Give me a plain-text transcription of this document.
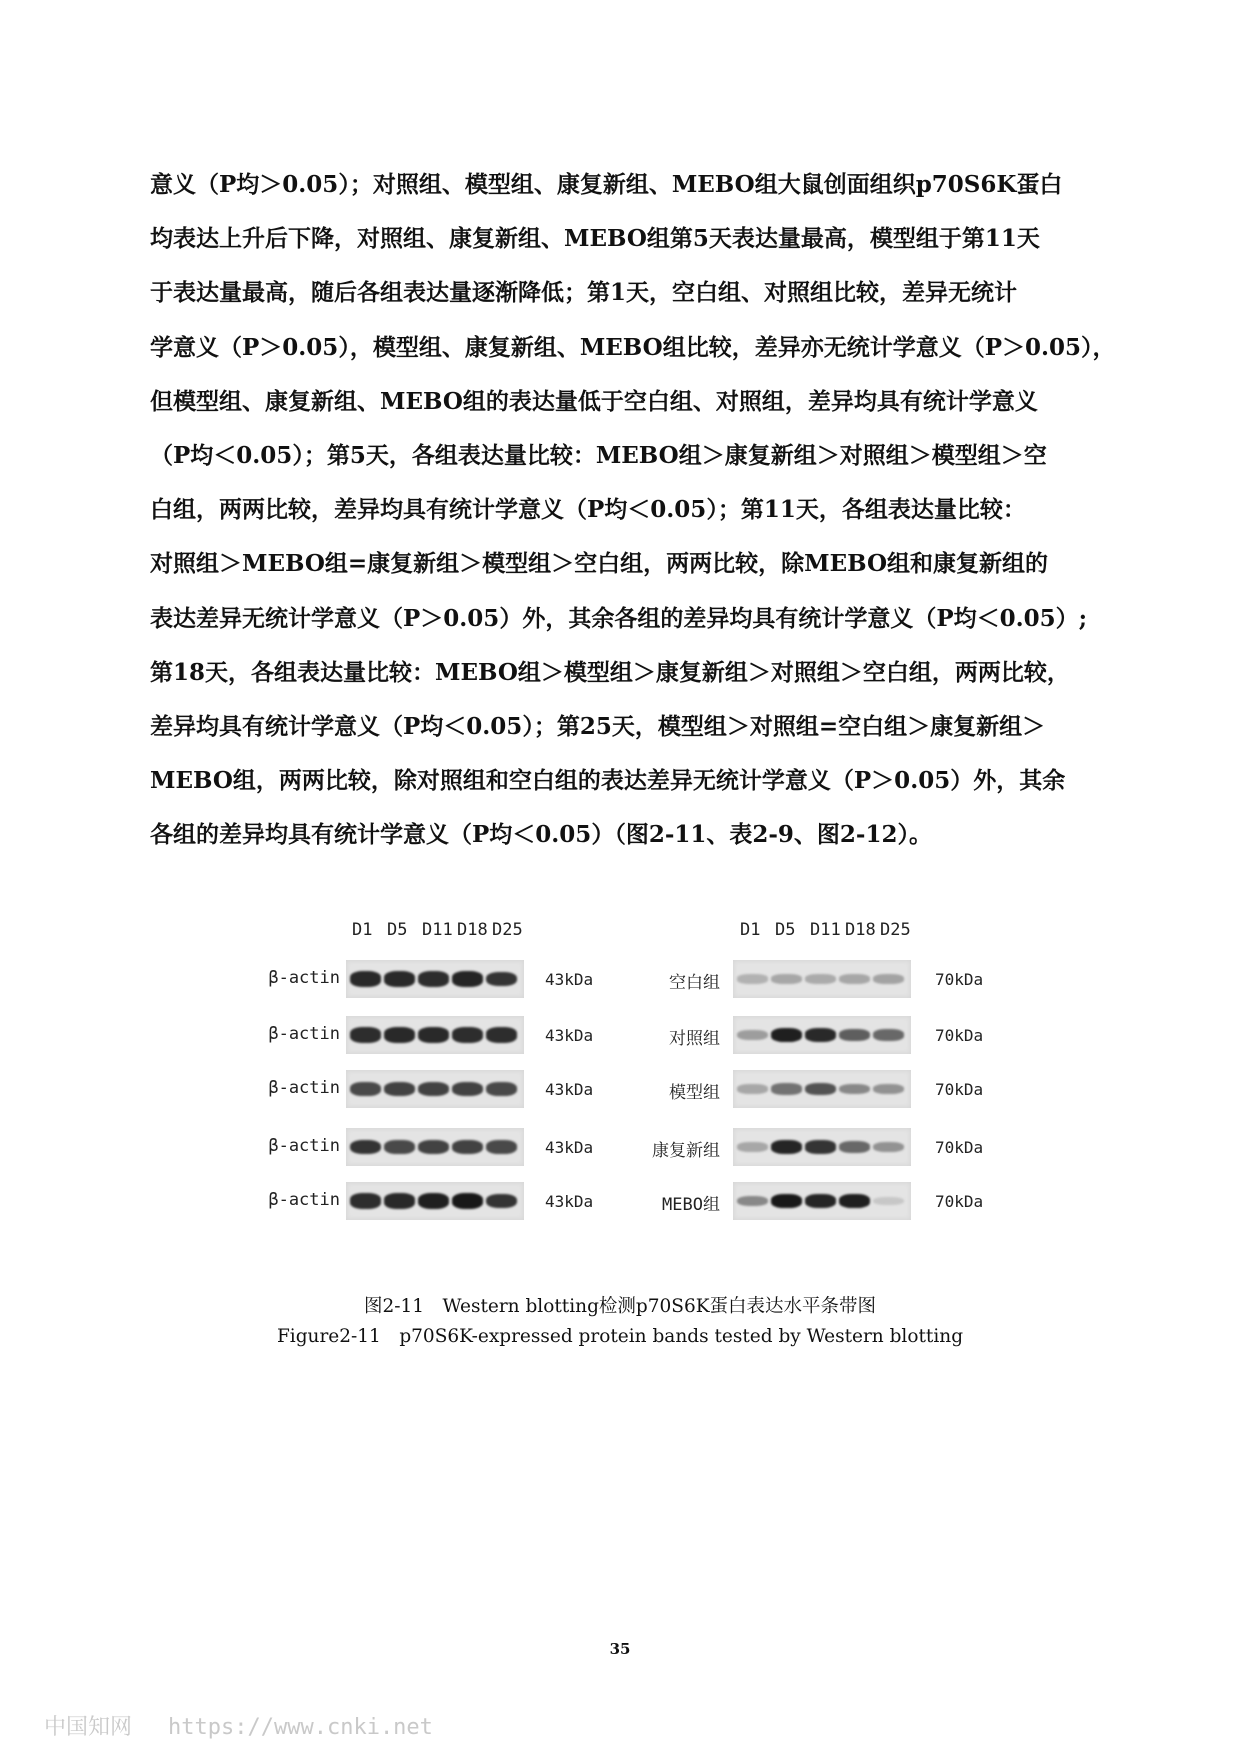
意义（P均＞0.05）；对照组、模型组、康复新组、MEBO组大鼠创面组织p70S6K蛋白
均表达上升后下降，对照组、康复新组、MEBO组第5天表达量最高，模型组于第11天
于表达量最高，随后各组表达量逐渐降低；第1天，空白组、对照组比较，差异无统计
学意义（P＞0.05），模型组、康复新组、MEBO组比较，差异亦无统计学意义（P＞0.05），
但模型组、康复新组、MEBO组的表达量低于空白组、对照组，差异均具有统计学意义
（P均＜0.05）；第5天，各组表达量比较：MEBO组＞康复新组＞对照组＞模型组＞空
白组，两两比较，差异均具有统计学意义（P均＜0.05）；第11天，各组表达量比较：
对照组＞MEBO组=康复新组＞模型组＞空白组，两两比较，除MEBO组和康复新组的
表达差异无统计学意义（P＞0.05）外，其余各组的差异均具有统计学意义（P均＜0.05）;
第18天，各组表达量比较：MEBO组＞模型组＞康复新组＞对照组＞空白组，两两比较，
差异均具有统计学意义（P均＜0.05）；第25天，模型组＞对照组=空白组＞康复新组＞
MEBO组，两两比较，除对照组和空白组的表达差异无统计学意义（P＞0.05）外，其余
各组的差异均具有统计学意义（P均＜0.05）（图2-11、表2-9、图2-12）。
D1 D5 D11 D18 D25	D1 D5 D11 D18 D25
β-actin	43kDa
β-actin	43kDa
β-actin	43kDa
β-actin	43kDa
β-actin	43kDa
空白组	70kDa
对照组	70kDa
模型组	70kDa
康复新组	70kDa
MEBO组	70kDa
图2-11　Western blotting检测p70S6K蛋白表达水平条带图
Figure2-11　p70S6K-expressed protein bands tested by Western blotting
35
中国知网 https://www.cnki.net
